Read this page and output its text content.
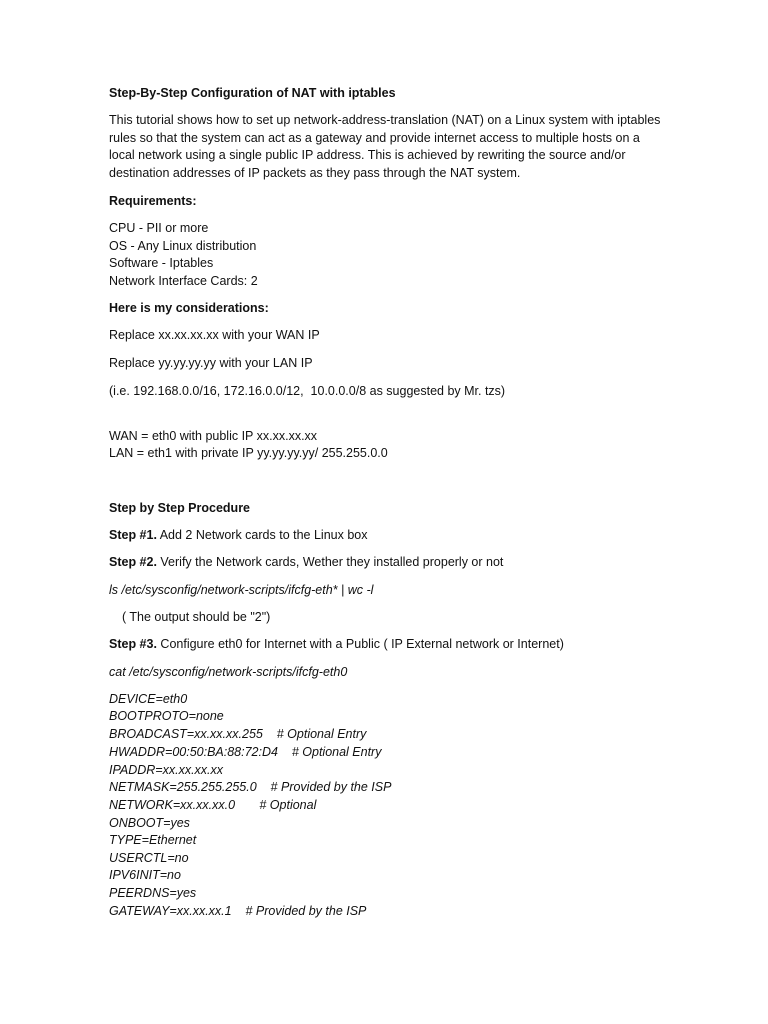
Step-By-Step Configuration of NAT with iptables
This tutorial shows how to set up network-address-translation (NAT) on a Linux system with iptables rules so that the system can act as a gateway and provide internet access to multiple hosts on a local network using a single public IP address. This is achieved by rewriting the source and/or destination addresses of IP packets as they pass through the NAT system.
Requirements:
CPU - PII or more
OS - Any Linux distribution
Software - Iptables
Network Interface Cards: 2
Here is my considerations:
Replace xx.xx.xx.xx with your WAN IP
Replace yy.yy.yy.yy with your LAN IP
(i.e. 192.168.0.0/16, 172.16.0.0/12,  10.0.0.0/8 as suggested by Mr. tzs)
WAN = eth0 with public IP xx.xx.xx.xx
LAN = eth1 with private IP yy.yy.yy.yy/ 255.255.0.0
Step by Step Procedure
Step #1. Add 2 Network cards to the Linux box
Step #2. Verify the Network cards, Wether they installed properly or not
ls /etc/sysconfig/network-scripts/ifcfg-eth* | wc -l
( The output should be "2")
Step #3. Configure eth0 for Internet with a Public ( IP External network or Internet)
cat /etc/sysconfig/network-scripts/ifcfg-eth0
DEVICE=eth0
BOOTPROTO=none
BROADCAST=xx.xx.xx.255    # Optional Entry
HWADDR=00:50:BA:88:72:D4    # Optional Entry
IPADDR=xx.xx.xx.xx
NETMASK=255.255.255.0    # Provided by the ISP
NETWORK=xx.xx.xx.0       # Optional
ONBOOT=yes
TYPE=Ethernet
USERCTL=no
IPV6INIT=no
PEERDNS=yes
GATEWAY=xx.xx.xx.1    # Provided by the ISP
